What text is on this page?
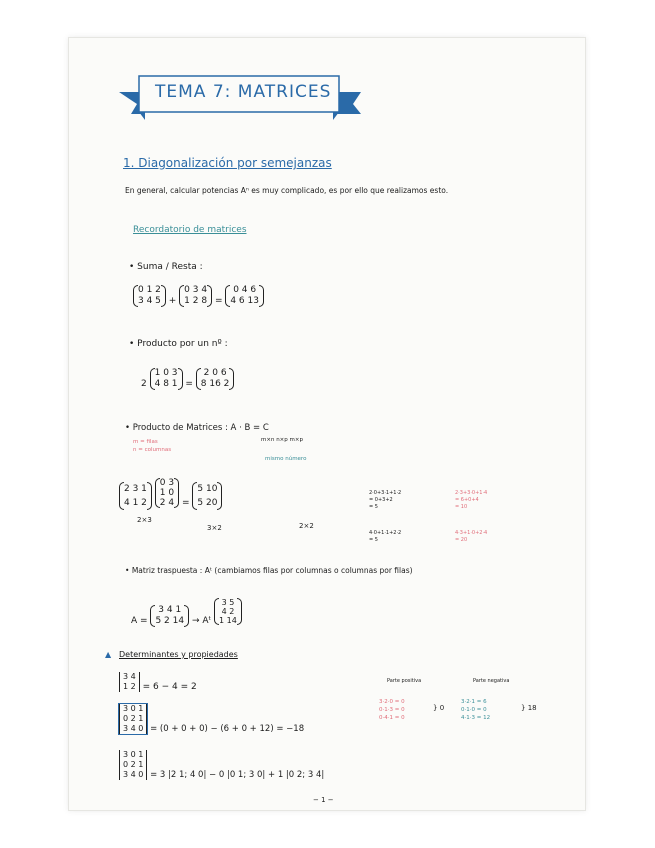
TEMA 7: MATRICES
1. Diagonalización por semejanzas
En general, calcular potencias Aⁿ es muy complicado, es por ello que realizamos esto.
Recordatorio de matrices
• Suma / Resta :
0 1 2
3 4 5 +
0 3 4
1 2 8 =
0 4 6
4 6 13
• Producto por un nº :
2
1 0 3
4 8 1 =
2 0 6
8 16 2
• Producto de Matrices : A · B = C
m×n n×p m×p
m = filas
n = columnas
mismo número
2 3 1
4 1 2

0 3
1 0
2 4 =
5 10
5 20
2×3
3×2	2×2
2·0+3·1+1·2
= 0+3+2
= 5
2·3+3·0+1·4
= 6+0+4
= 10
4·0+1·1+2·2
= 5
4·3+1·0+2·4
= 20
• Matriz traspuesta : Aᵗ (cambiamos filas por columnas o columnas por filas)
A =
3 4 1
5 2 14 → Aᵗ
3 5
4 2
1 14
▲ Determinantes y propiedades
3 4
1 2 = 6 − 4 = 2
3 0 1
0 2 1
3 4 0 = (0 + 0 + 0) − (6 + 0 + 12) = −18
Parte positiva	Parte negativa
3·2·0 = 0
0·1·3 = 0
0·4·1 = 0
} 0
3·2·1 = 6
0·1·0 = 0
4·1·3 = 12
} 18
3 0 1
0 2 1
3 4 0 = 3 |2 1; 4 0| − 0 |0 1; 3 0| + 1 |0 2; 3 4|
− 1 −
